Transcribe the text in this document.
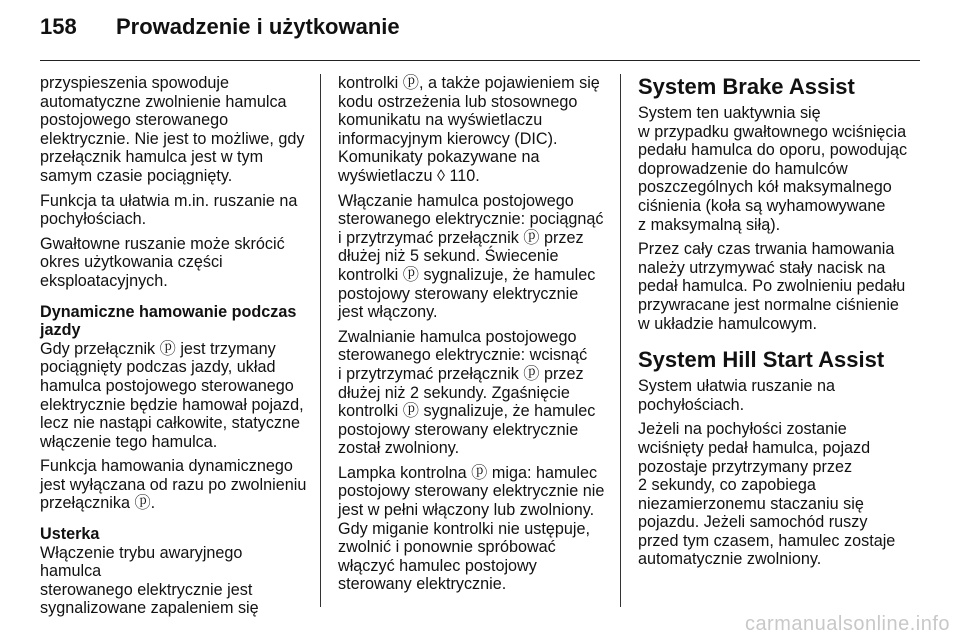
158 Prowadzenie i użytkowanie

przyspieszenia spowoduje
automatyczne zwolnienie hamulca
postojowego sterowanego
elektrycznie. Nie jest to możliwe, gdy
przełącznik hamulca jest w tym
samym czasie pociągnięty.

Funkcja ta ułatwia m.in. ruszanie na
pochyłościach.

Gwałtowne ruszanie może skrócić
okres użytkowania części
eksploatacyjnych.

Dynamiczne hamowanie podczas
jazdy

Gdy przełącznik ⓟ jest trzymany
pociągnięty podczas jazdy, układ
hamulca postojowego sterowanego
elektrycznie będzie hamował pojazd,
lecz nie nastąpi całkowite, statyczne
włączenie tego hamulca.

Funkcja hamowania dynamicznego
jest wyłączana od razu po zwolnieniu
przełącznika ⓟ.

Usterka

Włączenie trybu awaryjnego hamulca
sterowanego elektrycznie jest
sygnalizowane zapaleniem się

kontrolki ⓟ, a także pojawieniem się
kodu ostrzeżenia lub stosownego
komunikatu na wyświetlaczu
informacyjnym kierowcy (DIC).
Komunikaty pokazywane na
wyświetlaczu ◊ 110.

Włączanie hamulca postojowego
sterowanego elektrycznie: pociągnąć
i przytrzymać przełącznik ⓟ przez
dłużej niż 5 sekund. Świecenie
kontrolki ⓟ sygnalizuje, że hamulec
postojowy sterowany elektrycznie
jest włączony.

Zwalnianie hamulca postojowego
sterowanego elektrycznie: wcisnąć
i przytrzymać przełącznik ⓟ przez
dłużej niż 2 sekundy. Zgaśnięcie
kontrolki ⓟ sygnalizuje, że hamulec
postojowy sterowany elektrycznie
został zwolniony.

Lampka kontrolna ⓟ miga: hamulec
postojowy sterowany elektrycznie nie
jest w pełni włączony lub zwolniony.
Gdy miganie kontrolki nie ustępuje,
zwolnić i ponownie spróbować
włączyć hamulec postojowy
sterowany elektrycznie.

System Brake Assist

System ten uaktywnia się
w przypadku gwałtownego wciśnięcia
pedału hamulca do oporu, powodując
doprowadzenie do hamulców
poszczególnych kół maksymalnego
ciśnienia (koła są wyhamowywane
z maksymalną siłą).

Przez cały czas trwania hamowania
należy utrzymywać stały nacisk na
pedał hamulca. Po zwolnieniu pedału
przywracane jest normalne ciśnienie
w układzie hamulcowym.

System Hill Start Assist

System ułatwia ruszanie na
pochyłościach.

Jeżeli na pochyłości zostanie
wciśnięty pedał hamulca, pojazd
pozostaje przytrzymany przez
2 sekundy, co zapobiega
niezamierzonemu staczaniu się
pojazdu. Jeżeli samochód ruszy
przed tym czasem, hamulec zostaje
automatycznie zwolniony.

carmanualsonline.info
